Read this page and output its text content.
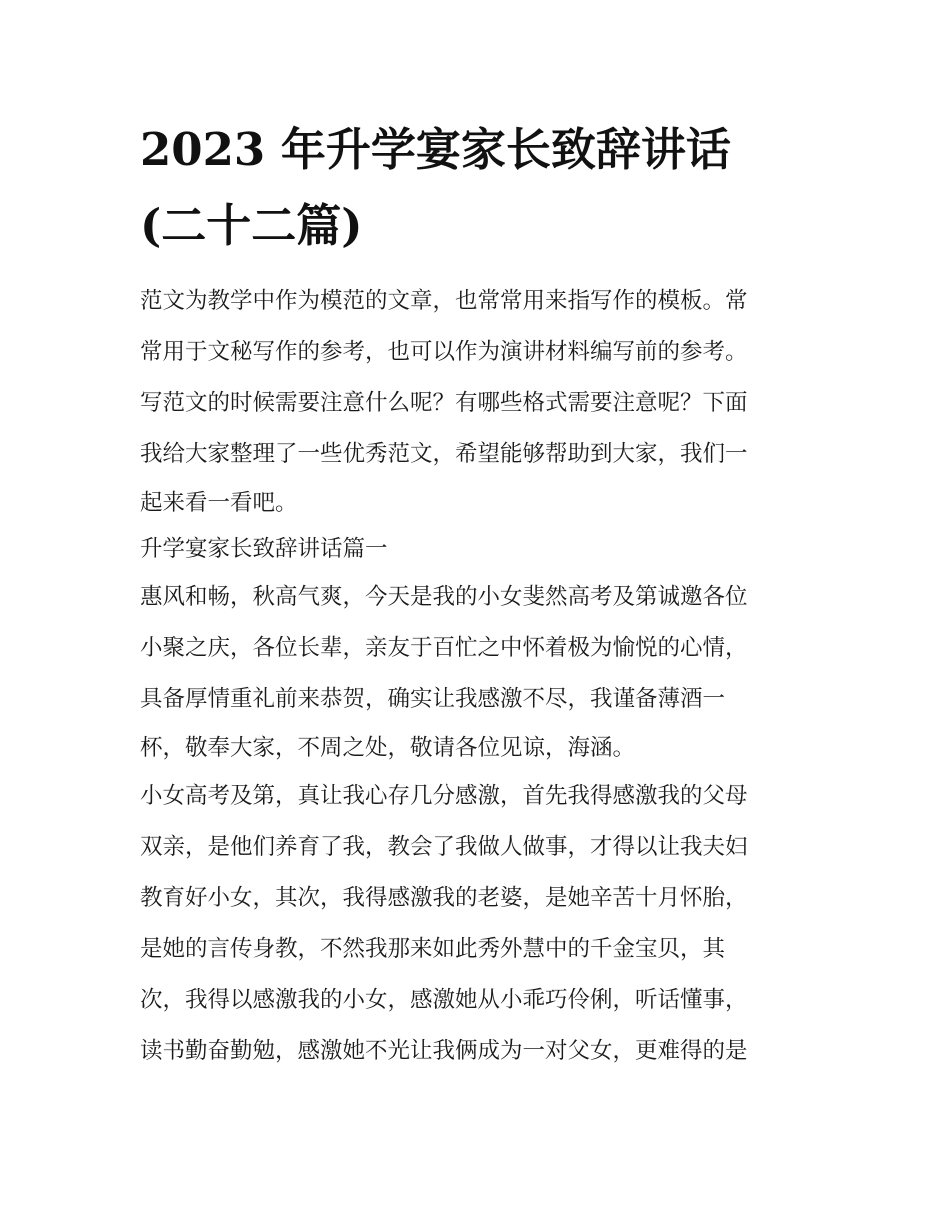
2023 年升学宴家长致辞讲话
(二十二篇)
范文为教学中作为模范的文章，也常常用来指写作的模板。常
常用于文秘写作的参考，也可以作为演讲材料编写前的参考。
写范文的时候需要注意什么呢？有哪些格式需要注意呢？下面
我给大家整理了一些优秀范文，希望能够帮助到大家，我们一
起来看一看吧。
升学宴家长致辞讲话篇一
惠风和畅，秋高气爽，今天是我的小女斐然高考及第诚邀各位
小聚之庆，各位长辈，亲友于百忙之中怀着极为愉悦的心情，
具备厚情重礼前来恭贺，确实让我感激不尽，我谨备薄酒一
杯，敬奉大家，不周之处，敬请各位见谅，海涵。
小女高考及第，真让我心存几分感激，首先我得感激我的父母
双亲，是他们养育了我，教会了我做人做事，才得以让我夫妇
教育好小女，其次，我得感激我的老婆，是她辛苦十月怀胎，
是她的言传身教，不然我那来如此秀外慧中的千金宝贝，其
次，我得以感激我的小女，感激她从小乖巧伶俐，听话懂事，
读书勤奋勤勉，感激她不光让我俩成为一对父女，更难得的是
